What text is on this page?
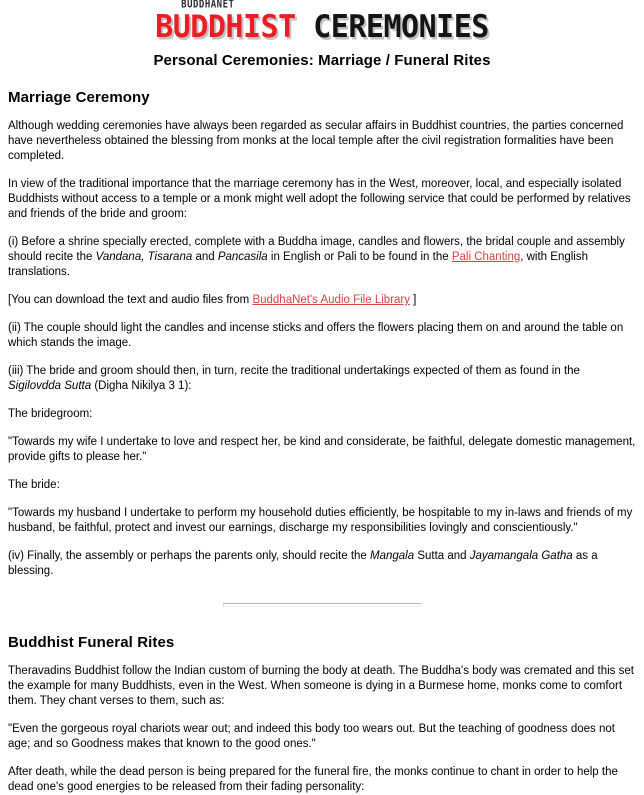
BUDDHANET
BUDDHIST CEREMONIES
Personal Ceremonies: Marriage / Funeral Rites
Marriage Ceremony

Although wedding ceremonies have always been regarded as secular affairs in Buddhist countries, the parties concerned have nevertheless obtained the blessing from monks at the local temple after the civil registration formalities have been completed.

In view of the traditional importance that the marriage ceremony has in the West, moreover, local, and especially isolated Buddhists without access to a temple or a monk might well adopt the following service that could be performed by relatives and friends of the bride and groom:

(i) Before a shrine specially erected, complete with a Buddha image, candles and flowers, the bridal couple and assembly should recite the Vandana, Tisarana and Pancasila in English or Pali to be found in the Pali Chanting, with English translations.

[You can download the text and audio files from BuddhaNet's Audio File Library ]

(ii) The couple should light the candles and incense sticks and offers the flowers placing them on and around the table on which stands the image.

(iii) The bride and groom should then, in turn, recite the traditional undertakings expected of them as found in the Sigilovdda Sutta (Digha Nikilya 3 1):

The bridegroom:

"Towards my wife I undertake to love and respect her, be kind and considerate, be faithful, delegate domestic management, provide gifts to please her."

The bride:

"Towards my husband I undertake to perform my household duties efficiently, be hospitable to my in-laws and friends of my husband, be faithful, protect and invest our earnings, discharge my responsibilities lovingly and conscientiously."

(iv) Finally, the assembly or perhaps the parents only, should recite the Mangala Sutta and Jayamangala Gatha as a blessing.

Buddhist Funeral Rites

Theravadins Buddhist follow the Indian custom of burning the body at death. The Buddha's body was cremated and this set the example for many Buddhists, even in the West. When someone is dying in a Burmese home, monks come to comfort them. They chant verses to them, such as:

"Even the gorgeous royal chariots wear out; and indeed this body too wears out. But the teaching of goodness does not age; and so Goodness makes that known to the good ones."

After death, while the dead person is being prepared for the funeral fire, the monks continue to chant in order to help the dead one's good energies to be released from their fading personality:
